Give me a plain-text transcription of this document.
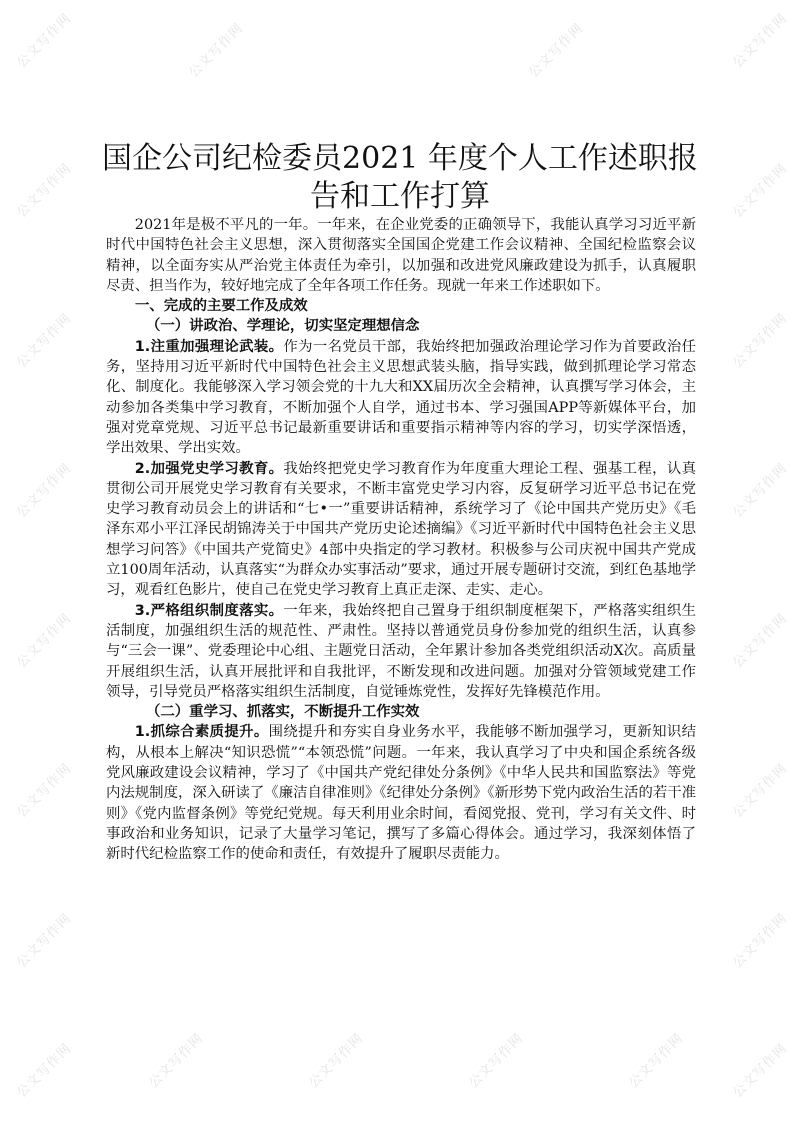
公文写作网	公文写作网
公文写作网	公文写作网
公文写作网	公文写作网
公文写作网	公文写作网
公文写作网	公文写作网
公文写作网	公文写作网
公文写作网	公文写作网
公文写作网	公文写作网
公文写作网	公文写作网	公文写作网	公文写作网
公文写作网	公文写作网
国企公司纪检委员2021 年度个人工作述职报告和工作打算

2021年是极不平凡的一年。一年来，在企业党委的正确领导下，我能认真学习习近平新时代中国特色社会主义思想，深入贯彻落实全国国企党建工作会议精神、全国纪检监察会议精神，以全面夯实从严治党主体责任为牵引，以加强和改进党风廉政建设为抓手，认真履职尽责、担当作为，较好地完成了全年各项工作任务。现就一年来工作述职如下。

一、完成的主要工作及成效

（一）讲政治、学理论，切实坚定理想信念

1.注重加强理论武装。作为一名党员干部，我始终把加强政治理论学习作为首要政治任务，坚持用习近平新时代中国特色社会主义思想武装头脑，指导实践，做到抓理论学习常态化、制度化。我能够深入学习领会党的十九大和XX届历次全会精神，认真撰写学习体会，主动参加各类集中学习教育，不断加强个人自学，通过书本、学习强国APP等新媒体平台，加强对党章党规、习近平总书记最新重要讲话和重要指示精神等内容的学习，切实学深悟透，学出效果、学出实效。

2.加强党史学习教育。我始终把党史学习教育作为年度重大理论工程、强基工程，认真贯彻公司开展党史学习教育有关要求，不断丰富党史学习内容，反复研学习近平总书记在党史学习教育动员会上的讲话和“七•一”重要讲话精神，系统学习了《论中国共产党历史》《毛泽东邓小平江泽民胡锦涛关于中国共产党历史论述摘编》《习近平新时代中国特色社会主义思想学习问答》《中国共产党简史》4部中央指定的学习教材。积极参与公司庆祝中国共产党成立100周年活动，认真落实“为群众办实事活动”要求，通过开展专题研讨交流，到红色基地学习，观看红色影片，使自己在党史学习教育上真正走深、走实、走心。

3.严格组织制度落实。一年来，我始终把自己置身于组织制度框架下，严格落实组织生活制度，加强组织生活的规范性、严肃性。坚持以普通党员身份参加党的组织生活，认真参与“三会一课”、党委理论中心组、主题党日活动，全年累计参加各类党组织活动X次。高质量开展组织生活，认真开展批评和自我批评，不断发现和改进问题。加强对分管领域党建工作领导，引导党员严格落实组织生活制度，自觉锤炼党性，发挥好先锋模范作用。

（二）重学习、抓落实，不断提升工作实效

1.抓综合素质提升。围绕提升和夯实自身业务水平，我能够不断加强学习，更新知识结构，从根本上解决“知识恐慌”“本领恐慌”问题。一年来，我认真学习了中央和国企系统各级党风廉政建设会议精神，学习了《中国共产党纪律处分条例》《中华人民共和国监察法》等党内法规制度，深入研读了《廉洁自律准则》《纪律处分条例》《新形势下党内政治生活的若干准则》《党内监督条例》等党纪党规。每天利用业余时间，看阅党报、党刊，学习有关文件、时事政治和业务知识，记录了大量学习笔记，撰写了多篇心得体会。通过学习，我深刻体悟了新时代纪检监察工作的使命和责任，有效提升了履职尽责能力。
